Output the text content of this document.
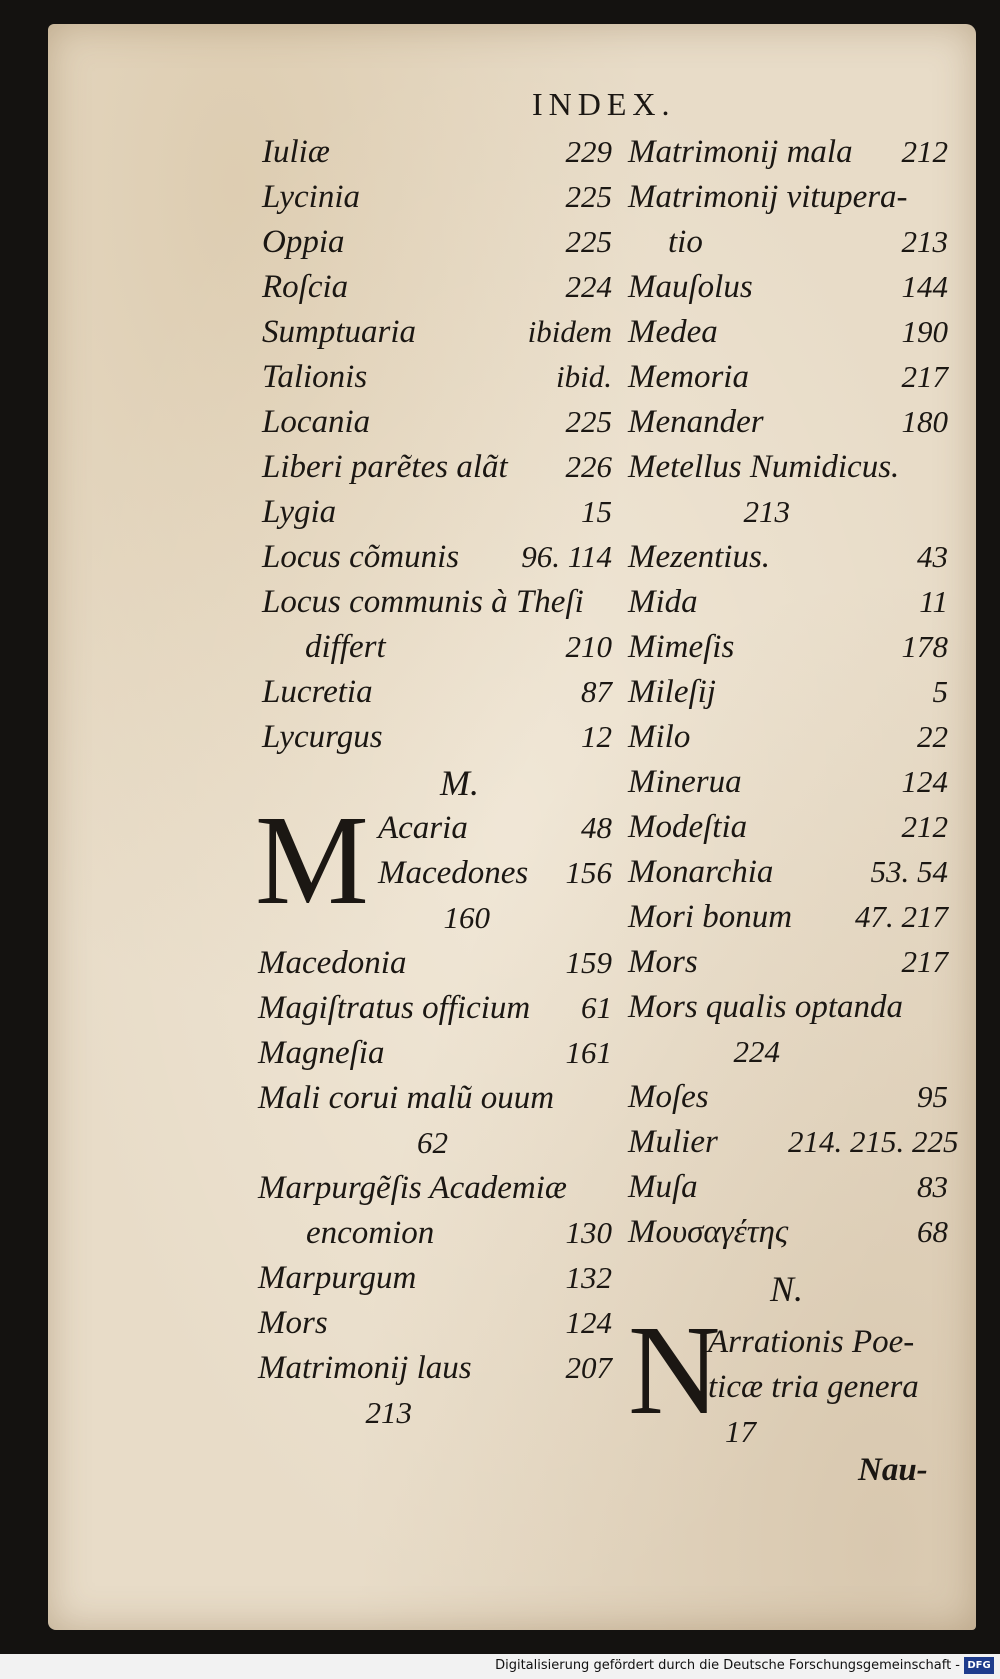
INDEX.
M.
M
N.
N
Nau-
Digitalisierung gefördert durch die Deutsche Forschungsgemeinschaft - DFG
Iuliæ	229
Lycinia	225
Oppia	225
Roſcia	224
Sumptuaria	ibidem
Talionis	ibid.
Locania	225
Liberi parẽtes alãt	226
Lygia	15
Locus cõmunis	96. 114
Locus communis à Theſi
differt	210
Lucretia	87
Lycurgus	12
Acaria	48
Macedones	156
160
Macedonia	159
Magiſtratus officium	61
Magneſia	161
Mali corui malũ ouum
62
Marpurgẽſis Academiæ
encomion	130
Marpurgum	132
Mors	124
Matrimonij laus	207
213
Matrimonij mala	212
Matrimonij vitupera-
tio	213
Mauſolus	144
Medea	190
Memoria	217
Menander	180
Metellus Numidicus.
213
Mezentius.	43
Mida	11
Mimeſis	178
Mileſij	5
Milo	22
Minerua	124
Modeſtia	212
Monarchia	53. 54
Mori bonum	47. 217
Mors	217
Mors qualis optanda
224
Moſes	95
Mulier 214. 215. 225
Muſa	83
Μουσαγέτης	68
Arrationis Poe-
ticæ tria genera
17
